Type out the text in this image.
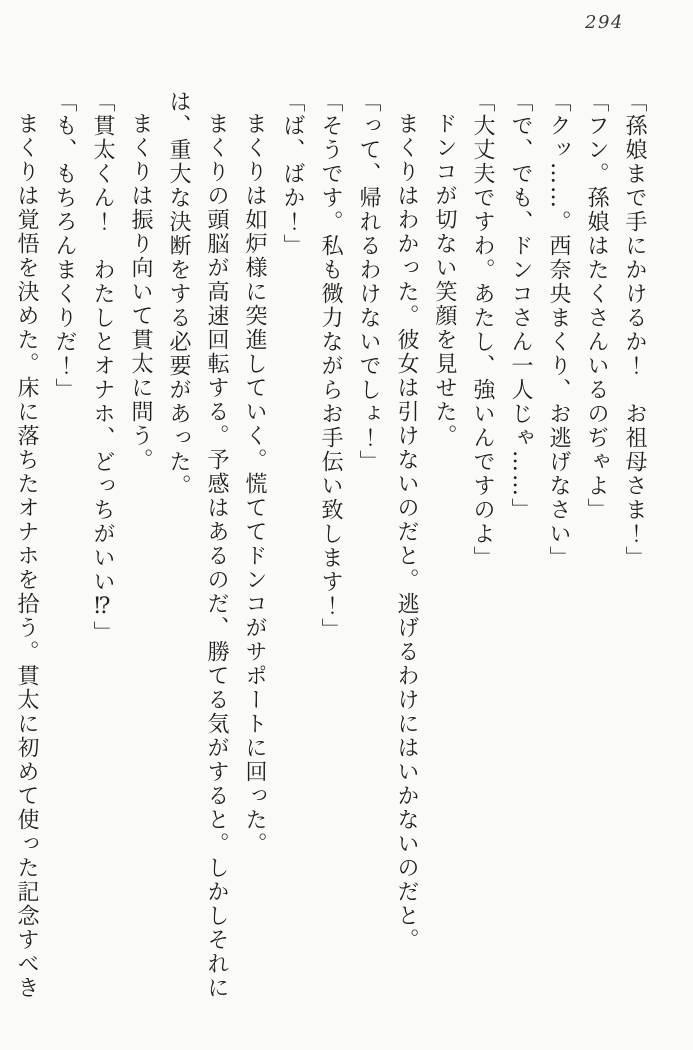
294

「孫娘まで手にかけるか！　お祖母さま！」

「フン。孫娘はたくさんいるのぢゃよ」

「クッ……。西奈央まくり、お逃げなさい」

「で、でも、ドンコさん一人じゃ……」

「大丈夫ですわ。あたし、強いんですのよ」

ドンコが切ない笑顔を見せた。

まくりはわかった。彼女は引けないのだと。逃げるわけにはいかないのだと。

「って、帰れるわけないでしょ！」

「そうです。私も微力ながらお手伝い致します！」

「ば、ばか！」

まくりは如炉様に突進していく。慌ててドンコがサポートに回った。

まくりの頭脳が高速回転する。予感はあるのだ、勝てる気がすると。しかしそれには、重大な決断をする必要があった。

まくりは振り向いて貫太に問う。

「貫太くん！　わたしとオナホ、どっちがいい⁉」

「も、もちろんまくりだ！」

まくりは覚悟を決めた。床に落ちたオナホを拾う。貫太に初めて使った記念すべき
